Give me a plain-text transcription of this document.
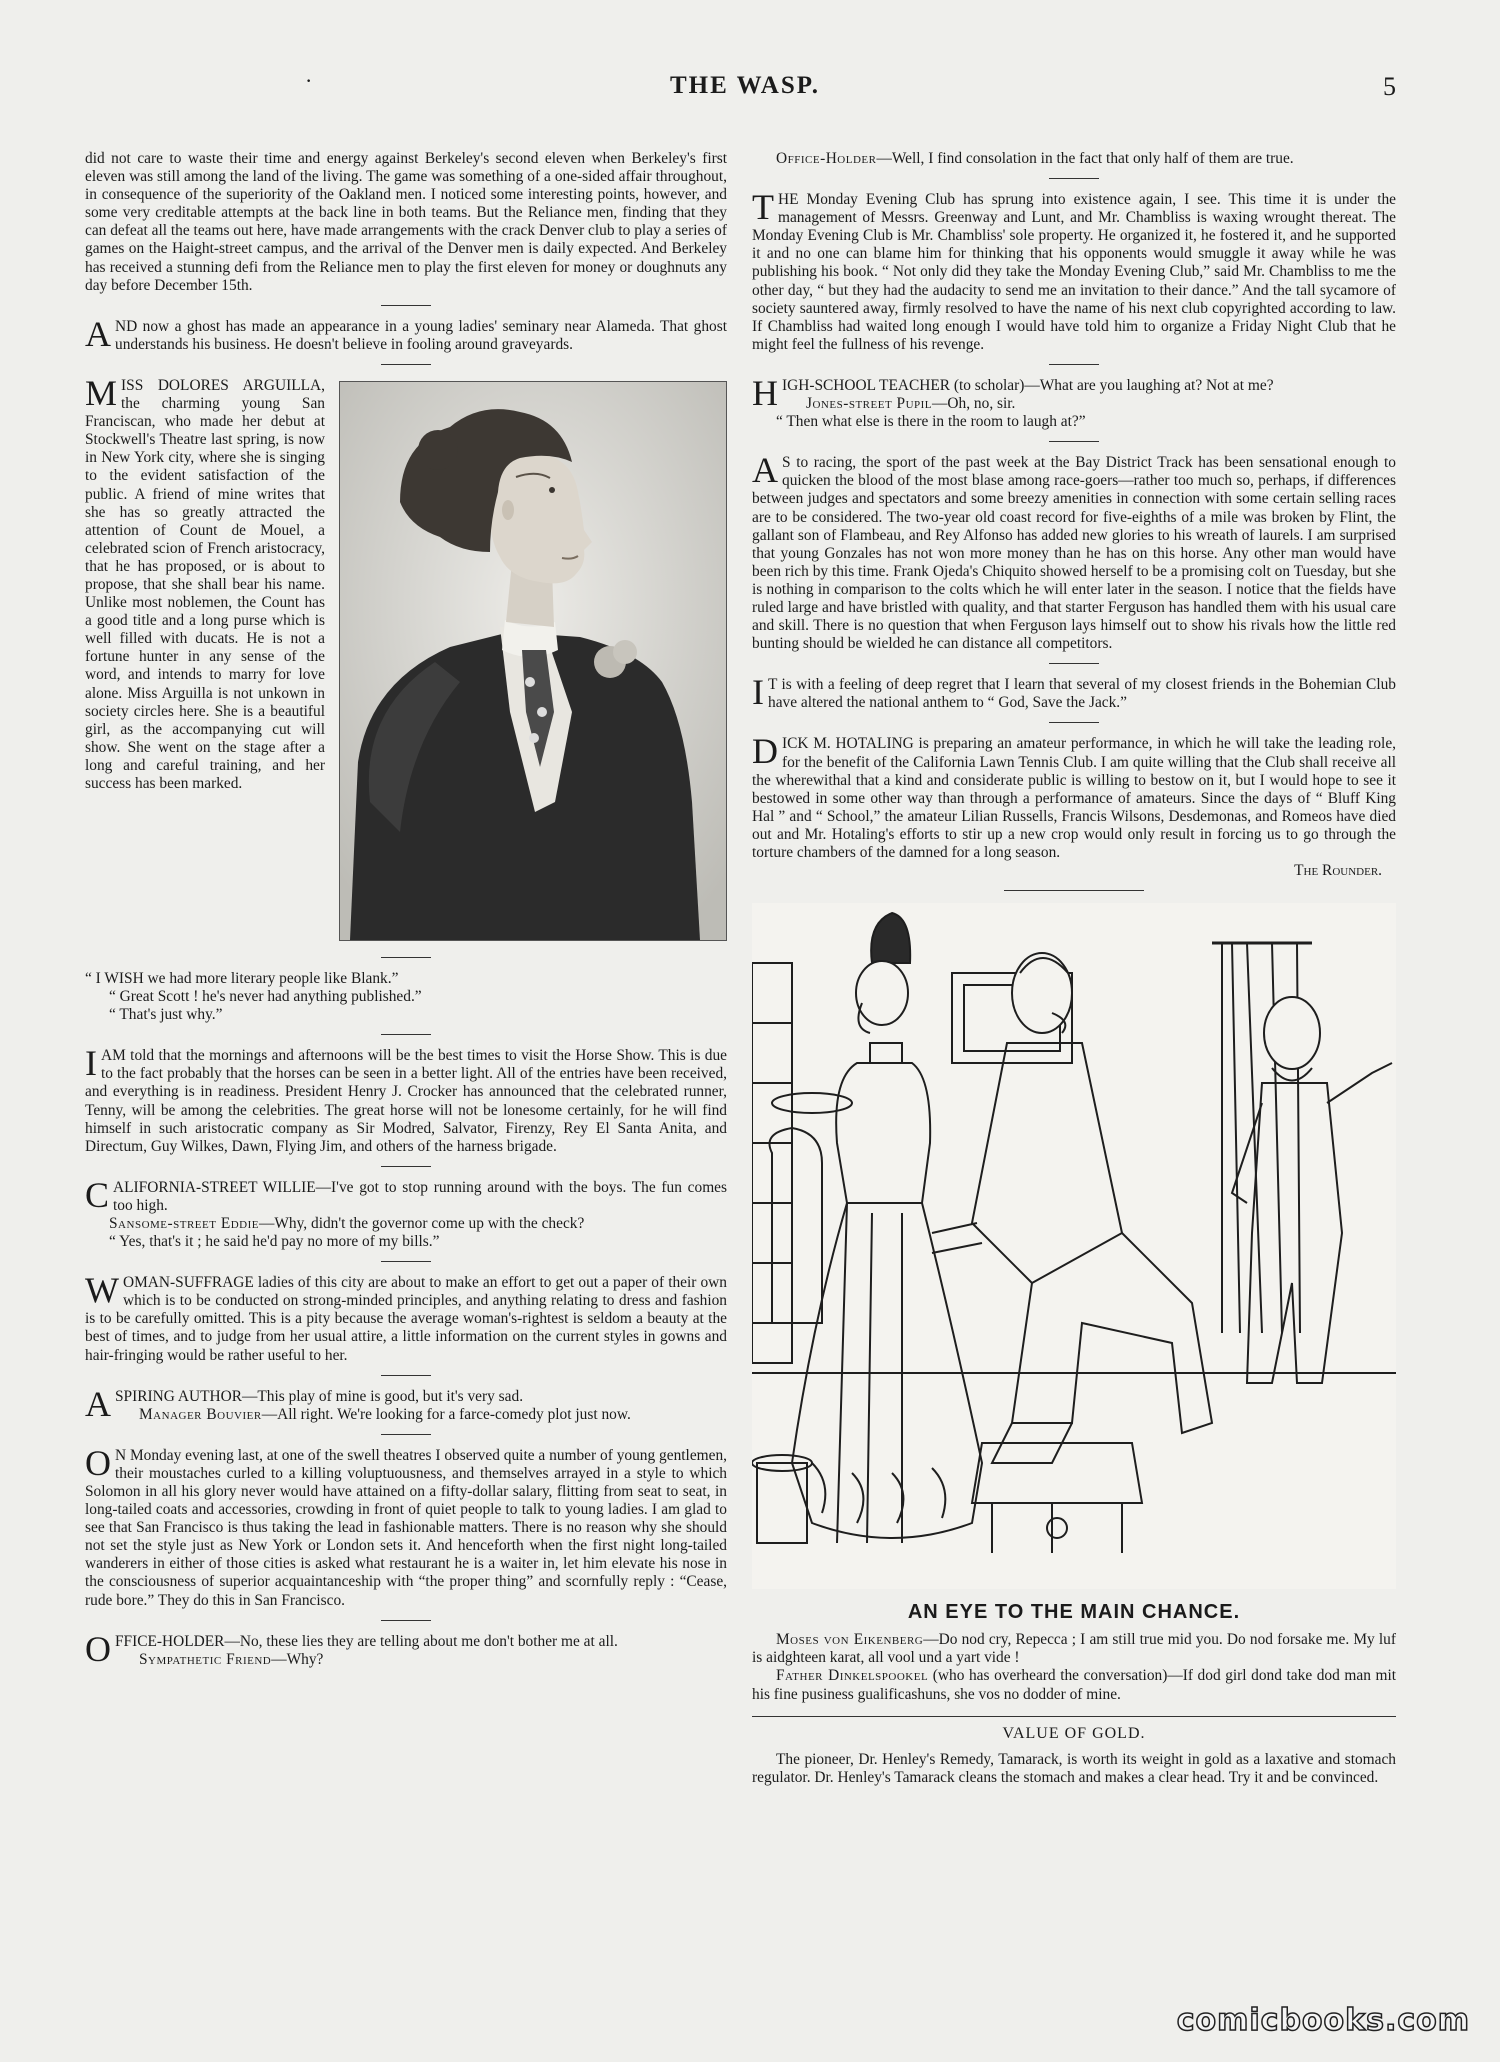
·	THE WASP.	5

did not care to waste their time and energy against Berkeley's second eleven when Berkeley's first eleven was still among the land of the living. The game was something of a one-sided affair throughout, in consequence of the superiority of the Oakland men. I noticed some interesting points, however, and some very creditable attempts at the back line in both teams. But the Reliance men, finding that they can defeat all the teams out here, have made arrangements with the crack Denver club to play a series of games on the Haight-street campus, and the arrival of the Denver men is daily expected. And Berkeley has received a stunning defi from the Reliance men to play the first eleven for money or doughnuts any day before December 15th.

AND now a ghost has made an appearance in a young ladies' seminary near Alameda. That ghost understands his business. He doesn't believe in fooling around graveyards.

MISS DOLORES ARGUILLA, the charming young San Franciscan, who made her debut at Stockwell's Theatre last spring, is now in New York city, where she is singing to the evident satisfaction of the public. A friend of mine writes that she has so greatly attracted the attention of Count de Mouel, a celebrated scion of French aristocracy, that he has proposed, or is about to propose, that she shall bear his name. Unlike most noblemen, the Count has a good title and a long purse which is well filled with ducats. He is not a fortune hunter in any sense of the word, and intends to marry for love alone. Miss Arguilla is not unkown in society circles here. She is a beautiful girl, as the accompanying cut will show. She went on the stage after a long and careful training, and her success has been marked.

“ I WISH we had more literary people like Blank.”

“ Great Scott ! he's never had anything published.”

“ That's just why.”

IAM told that the mornings and afternoons will be the best times to visit the Horse Show. This is due to the fact probably that the horses can be seen in a better light. All of the entries have been received, and everything is in readiness. President Henry J. Crocker has announced that the celebrated runner, Tenny, will be among the celebrities. The great horse will not be lonesome certainly, for he will find himself in such aristocratic company as Sir Modred, Salvator, Firenzy, Rey El Santa Anita, and Directum, Guy Wilkes, Dawn, Flying Jim, and others of the harness brigade.

CALIFORNIA-STREET WILLIE—I've got to stop running around with the boys. The fun comes too high.

Sansome-street Eddie—Why, didn't the governor come up with the check?

“ Yes, that's it ; he said he'd pay no more of my bills.”

WOMAN-SUFFRAGE ladies of this city are about to make an effort to get out a paper of their own which is to be conducted on strong-minded principles, and anything relating to dress and fashion is to be carefully omitted. This is a pity because the average woman's-rightest is seldom a beauty at the best of times, and to judge from her usual attire, a little information on the current styles in gowns and hair-fringing would be rather useful to her.

ASPIRING AUTHOR—This play of mine is good, but it's very sad.

Manager Bouvier—All right. We're looking for a farce-comedy plot just now.

O N Monday evening last, at one of the swell theatres I observed quite a number of young gentlemen, their moustaches curled to a killing voluptuousness, and themselves arrayed in a style to which Solomon in all his glory never would have attained on a fifty-dollar salary, flitting from seat to seat, in long-tailed coats and accessories, crowding in front of quiet people to talk to young ladies. I am glad to see that San Francisco is thus taking the lead in fashionable matters. There is no reason why she should not set the style just as New York or London sets it. And henceforth when the first night long-tailed wanderers in either of those cities is asked what restaurant he is a waiter in, let him elevate his nose in the consciousness of superior acquaintanceship with “the proper thing” and scornfully reply : “Cease, rude bore.” They do this in San Francisco.

OFFICE-HOLDER—No, these lies they are telling about me don't bother me at all.

Sympathetic Friend—Why?

Office-Holder—Well, I find consolation in the fact that only half of them are true.

THE Monday Evening Club has sprung into existence again, I see. This time it is under the management of Messrs. Greenway and Lunt, and Mr. Chambliss is waxing wrought thereat. The Monday Evening Club is Mr. Chambliss' sole property. He organized it, he fostered it, and he supported it and no one can blame him for thinking that his opponents would smuggle it away while he was publishing his book. “ Not only did they take the Monday Evening Club,” said Mr. Chambliss to me the other day, “ but they had the audacity to send me an invitation to their dance.” And the tall sycamore of society sauntered away, firmly resolved to have the name of his next club copyrighted according to law. If Chambliss had waited long enough I would have told him to organize a Friday Night Club that he might feel the fullness of his revenge.

HIGH-SCHOOL TEACHER (to scholar)—What are you laughing at? Not at me?

Jones-street Pupil—Oh, no, sir.

“ Then what else is there in the room to laugh at?”

A S to racing, the sport of the past week at the Bay District Track has been sensational enough to quicken the blood of the most blase among race-goers—rather too much so, perhaps, if differences between judges and spectators and some breezy amenities in connection with some certain selling races are to be considered. The two-year old coast record for five-eighths of a mile was broken by Flint, the gallant son of Flambeau, and Rey Alfonso has added new glories to his wreath of laurels. I am surprised that young Gonzales has not won more money than he has on this horse. Any other man would have been rich by this time. Frank Ojeda's Chiquito showed herself to be a promising colt on Tuesday, but she is nothing in comparison to the colts which he will enter later in the season. I notice that the fields have ruled large and have bristled with quality, and that starter Ferguson has handled them with his usual care and skill. There is no question that when Ferguson lays himself out to show his rivals how the little red bunting should be wielded he can distance all competitors.

I T is with a feeling of deep regret that I learn that several of my closest friends in the Bohemian Club have altered the national anthem to “ God, Save the Jack.”

DICK M. HOTALING is preparing an amateur performance, in which he will take the leading role, for the benefit of the California Lawn Tennis Club. I am quite willing that the Club shall receive all the wherewithal that a kind and considerate public is willing to bestow on it, but I would hope to see it bestowed in some other way than through a performance of amateurs. Since the days of “ Bluff King Hal ” and “ School,” the amateur Lilian Russells, Francis Wilsons, Desdemonas, and Romeos have died out and Mr. Hotaling's efforts to stir up a new crop would only result in forcing us to go through the torture chambers of the damned for a long season.

The Rounder.

AN EYE TO THE MAIN CHANCE.

Moses von Eikenberg—Do nod cry, Repecca ; I am still true mid you. Do nod forsake me. My luf is aidghteen karat, all vool und a yart vide !

Father Dinkelspookel (who has overheard the conversation)—If dod girl dond take dod man mit his fine pusiness gualificashuns, she vos no dodder of mine.

VALUE OF GOLD.

The pioneer, Dr. Henley's Remedy, Tamarack, is worth its weight in gold as a laxative and stomach regulator. Dr. Henley's Tamarack cleans the stomach and makes a clear head. Try it and be convinced.

comicbooks.com
